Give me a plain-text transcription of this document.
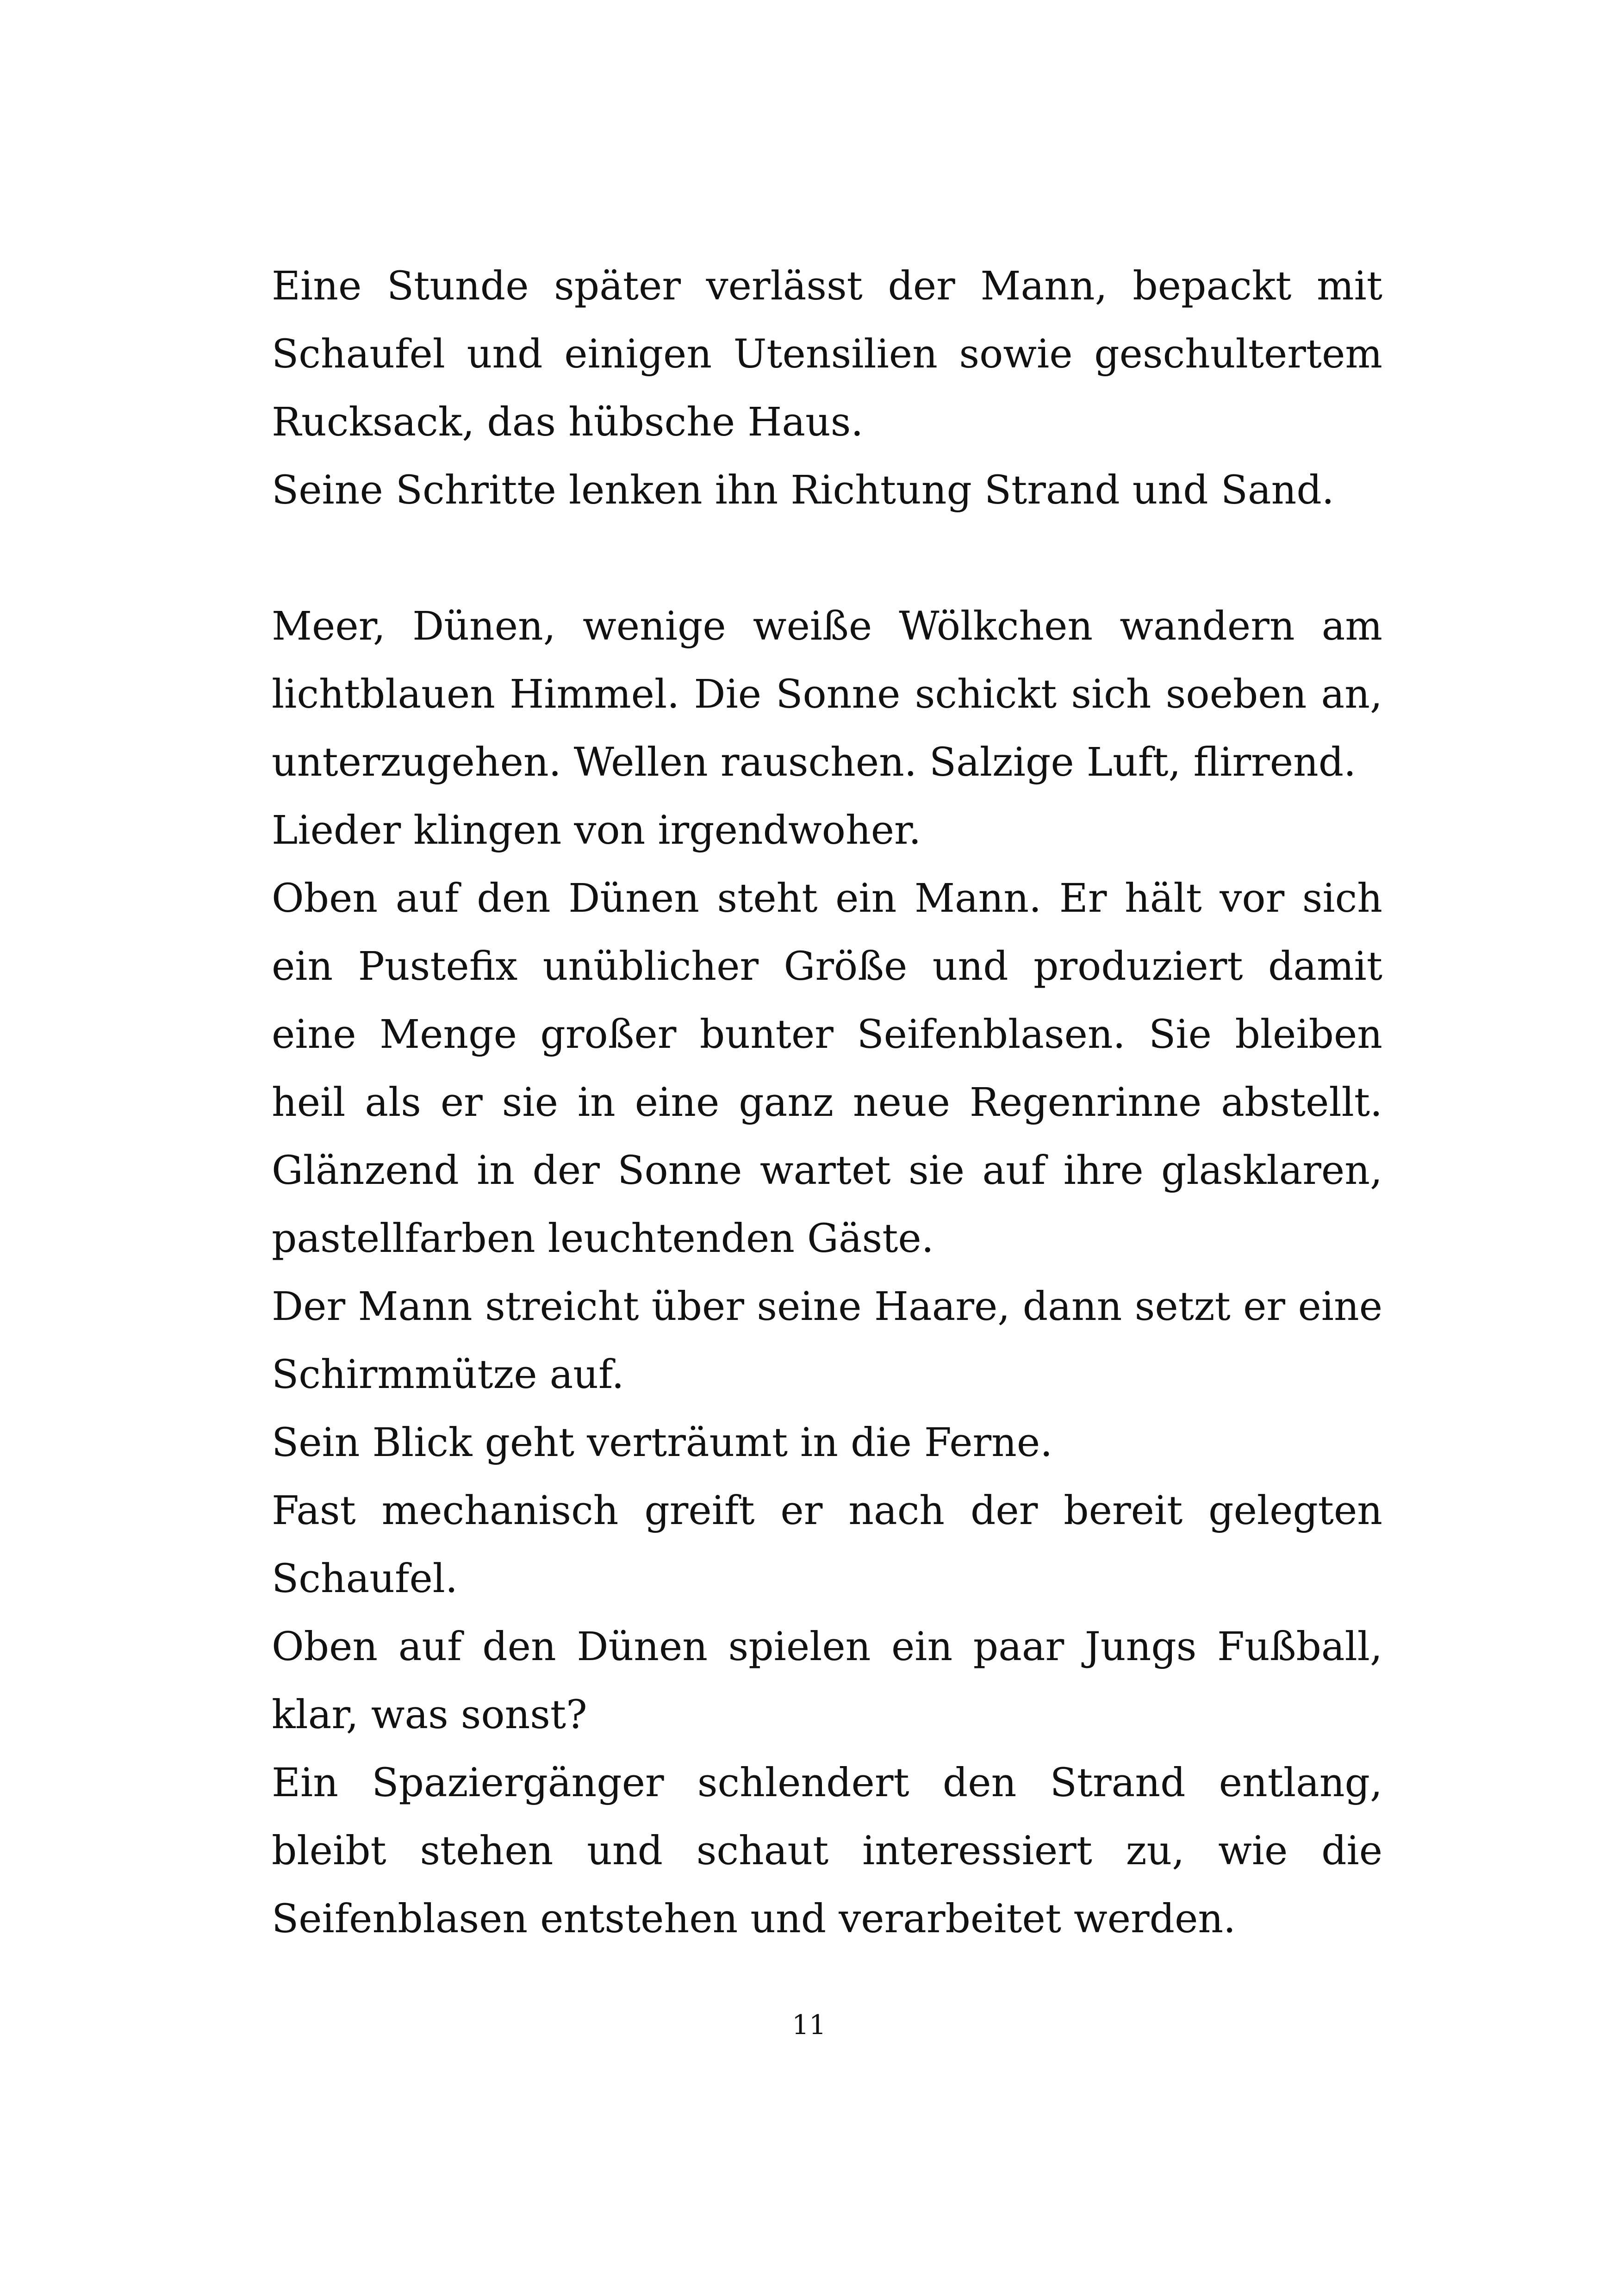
Eine Stunde später verlässt der Mann, bepackt mit Schaufel und einigen Utensilien sowie geschultertem Rucksack, das hübsche Haus.

Seine Schritte lenken ihn Richtung Strand und Sand.

Meer, Dünen, wenige weiße Wölkchen wandern am lichtblauen Himmel. Die Sonne schickt sich soeben an, unterzugehen. Wellen rauschen. Salzige Luft, flirrend.

Lieder klingen von irgendwoher.

Oben auf den Dünen steht ein Mann. Er hält vor sich ein Pustefix unüblicher Größe und produziert damit eine Menge großer bunter Seifenblasen. Sie bleiben heil als er sie in eine ganz neue Regenrinne abstellt. Glänzend in der Sonne wartet sie auf ihre glasklaren, pastellfarben leuchtenden Gäste.

Der Mann streicht über seine Haare, dann setzt er eine Schirmmütze auf.

Sein Blick geht verträumt in die Ferne.

Fast mechanisch greift er nach der bereit gelegten Schaufel.

Oben auf den Dünen spielen ein paar Jungs Fußball, klar, was sonst?

Ein Spaziergänger schlendert den Strand entlang, bleibt stehen und schaut interessiert zu, wie die Seifenblasen entstehen und verarbeitet werden.

11
